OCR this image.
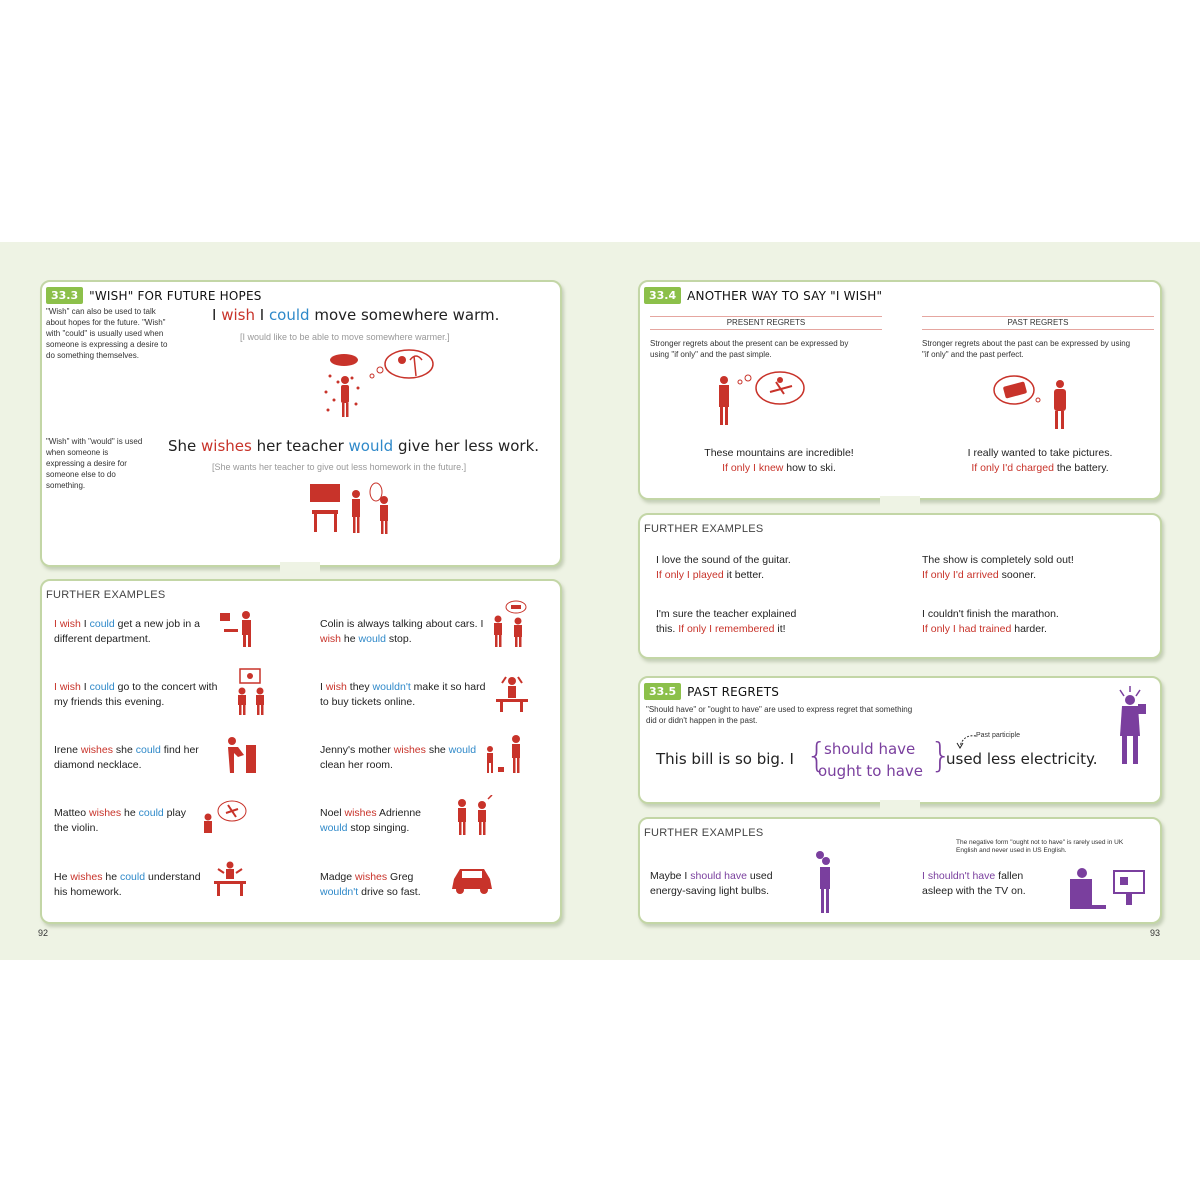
33.3 "WISH" FOR FUTURE HOPES
"Wish" can also be used to talk about hopes for the future. "Wish" with "could" is usually used when someone is expressing a desire to do something themselves.
"Wish" with "would" is used when someone is expressing a desire for someone else to do something.
I wish I could move somewhere warm.
[I would like to be able to move somewhere warmer.]
She wishes her teacher would give her less work.
[She wants her teacher to give out less homework in the future.]
FURTHER EXAMPLES
I wish I could get a new job in a different department.
Colin is always talking about cars. I wish he would stop.
I wish I could go to the concert with my friends this evening.
I wish they wouldn't make it so hard to buy tickets online.
Irene wishes she could find her diamond necklace.
Jenny's mother wishes she would clean her room.
Matteo wishes he could play the violin.
Noel wishes Adrienne would stop singing.
He wishes he could understand his homework.
Madge wishes Greg wouldn't drive so fast.
92
33.4 ANOTHER WAY TO SAY "I WISH"
PRESENT REGRETS	PAST REGRETS
Stronger regrets about the present can be expressed by using "if only" and the past simple.
Stronger regrets about the past can be expressed by using "if only" and the past perfect.
These mountains are incredible!
If only I knew how to ski.
I really wanted to take pictures.
If only I'd charged the battery.
FURTHER EXAMPLES
I love the sound of the guitar.
If only I played it better.
The show is completely sold out!
If only I'd arrived sooner.
I'm sure the teacher explained
this. If only I remembered it!
I couldn't finish the marathon.
If only I had trained harder.
33.5 PAST REGRETS
"Should have" or "ought to have" are used to express regret that something did or didn't happen in the past.
This bill is so big. I {
should have
ought to have }
used less electricity.
Past participle
FURTHER EXAMPLES
Maybe I should have used energy-saving light bulbs.
The negative form "ought not to have" is rarely used in UK English and never used in US English.
I shouldn't have fallen asleep with the TV on.
93
